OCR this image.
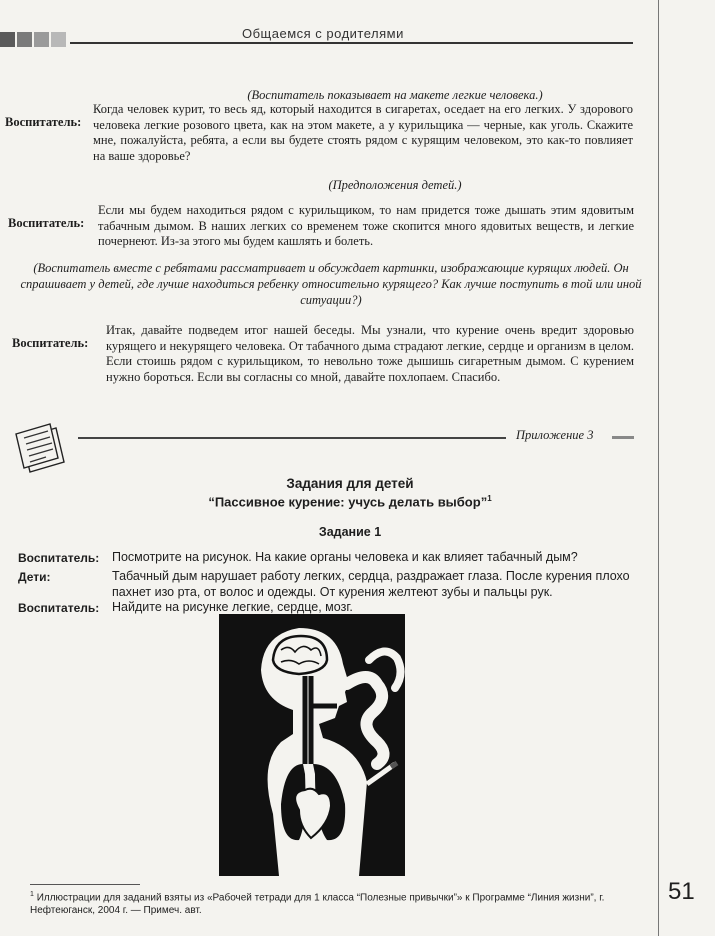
Общаемся с родителями
(Воспитатель показывает на макете легкие человека.)
Воспитатель:
Когда человек курит, то весь яд, который находится в сигаретах, оседает на его легких. У здорового человека легкие розового цвета, как на этом макете, а у курильщика — черные, как уголь. Скажите мне, пожалуйста, ребята, а если вы будете стоять рядом с курящим человеком, это как-то повлияет на ваше здоровье?
(Предположения детей.)
Воспитатель:
Если мы будем находиться рядом с курильщиком, то нам придется тоже дышать этим ядовитым табачным дымом. В наших легких со временем тоже скопится много ядовитых веществ, и легкие почернеют. Из-за этого мы будем кашлять и болеть.
(Воспитатель вместе с ребятами рассматривает и обсуждает картинки, изображающие курящих людей. Он спрашивает у детей, где лучше находиться ребенку относительно курящего? Как лучше поступить в той или иной ситуации?)
Воспитатель:
Итак, давайте подведем итог нашей беседы. Мы узнали, что курение очень вредит здоровью курящего и некурящего человека. От табачного дыма страдают легкие, сердце и организм в целом. Если стоишь рядом с курильщиком, то невольно тоже дышишь сигаретным дымом. С курением нужно бороться. Если вы согласны со мной, давайте похлопаем. Спасибо.
Приложение 3
Задания для детей
“Пассивное курение: учусь делать выбор”$^1$
Задание 1
Воспитатель: Посмотрите на рисунок. На какие органы человека и как влияет табачный дым?
Дети:	Табачный дым нарушает работу легких, сердца, раздражает глаза. После курения плохо пахнет изо рта, от волос и одежды. От курения желтеют зубы и пальцы рук.
Воспитатель: Найдите на рисунке легкие, сердце, мозг.
$^1$ Иллюстрации для заданий взяты из «Рабочей тетради для 1 класса “Полезные привычки”» к Программе “Линия жизни”, г. Нефтеюганск, 2004 г. — Примеч. авт.
51
